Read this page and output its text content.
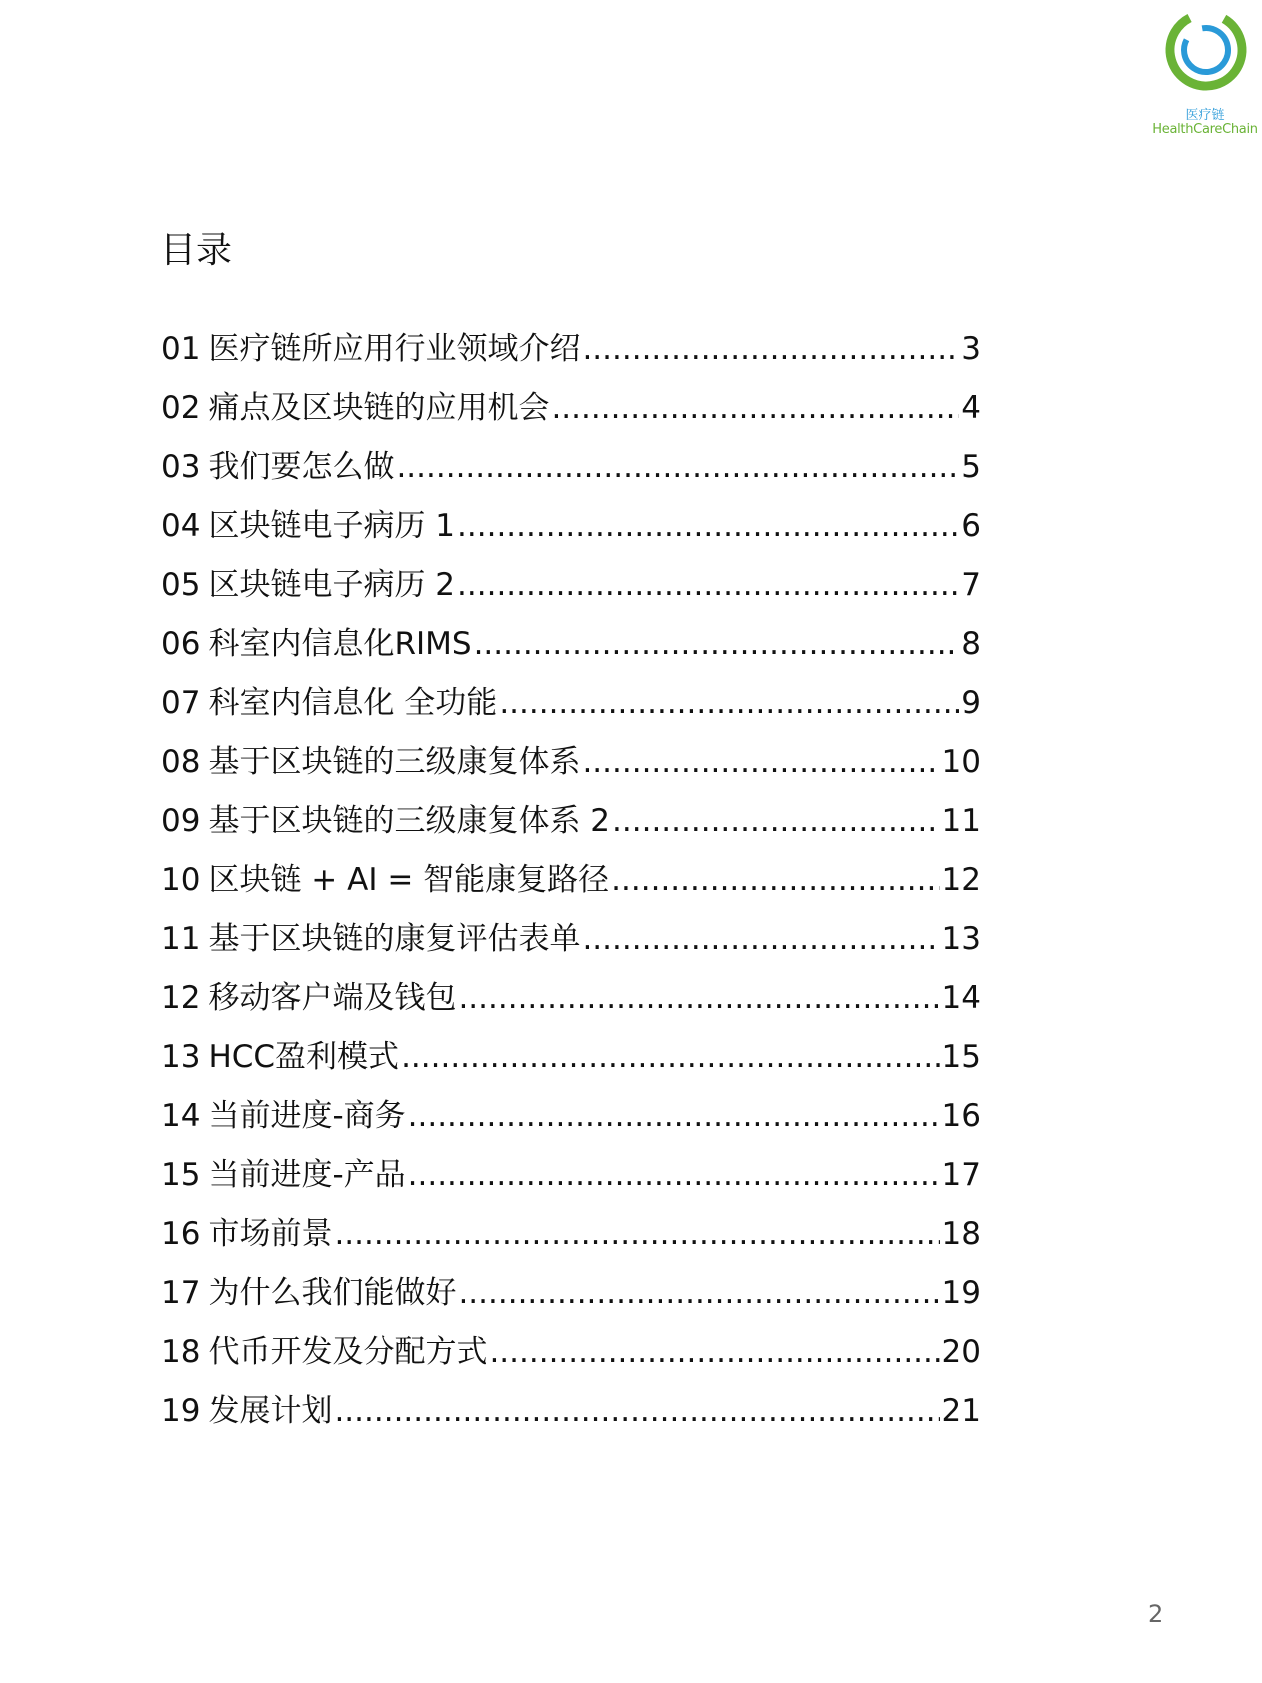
医疗链
HealthCareChain
目录
01 医疗链所应用行业领域介绍 .....	3
02 痛点及区块链的应用机会 .....	4
03 我们要怎么做 .....	5
04 区块链电子病历 1 .....	6
05 区块链电子病历 2 .....	7
06 科室内信息化RIMS .....	8
07 科室内信息化 全功能 .....	9
08 基于区块链的三级康复体系 .....	10
09 基于区块链的三级康复体系 2 .....	11
10 区块链 + AI = 智能康复路径 .....	12
11 基于区块链的康复评估表单 .....	13
12 移动客户端及钱包 .....	14
13 HCC盈利模式 .....	15
14 当前进度-商务 .....	16
15 当前进度-产品 .....	17
16 市场前景 .....	18
17 为什么我们能做好 .....	19
18 代币开发及分配方式 .....	20
19 发展计划 .....	21
2
